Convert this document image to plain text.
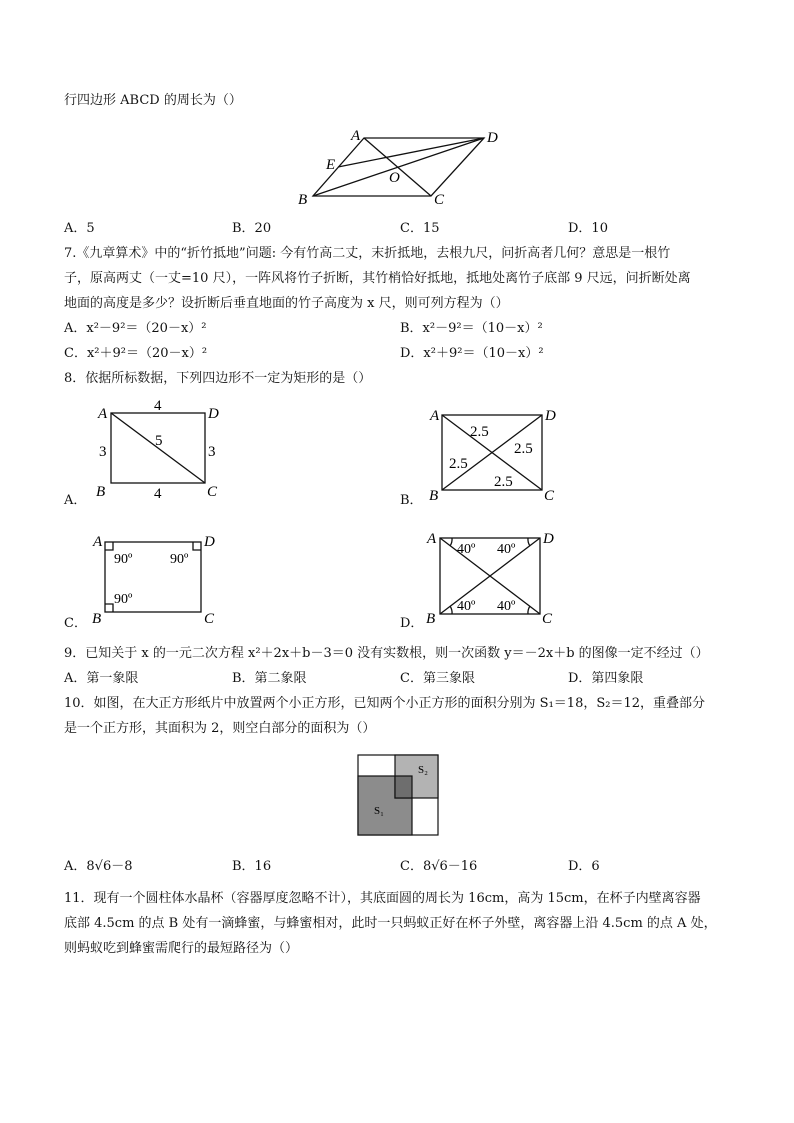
行四边形 ABCD 的周长为（）
A	D
E
O
B	C
A．5	B．20	C．15	D．10
7.《九章算术》中的“折竹抵地”问题: 今有竹高二丈，末折抵地，去根九尺，问折高者几何？意思是一根竹
子，原高两丈（一丈=10 尺），一阵风将竹子折断，其竹梢恰好抵地，抵地处离竹子底部 9 尺远，问折断处离
地面的高度是多少？设折断后垂直地面的竹子高度为 x 尺，则可列方程为（）
A．x²－9²＝（20－x）²	B．x²－9²＝（10－x）²
C．x²＋9²＝（20－x）²	D．x²＋9²＝（10－x）²
8．依据所标数据，下列四边形不一定为矩形的是（）
A	D
B	C
4
3
5
3
4
A	D
B	C
2.5
2.5
2.5
2.5
A	D
B	C
90º	90º
90º
A	D
B	C
40º 40º
40º 40º
A．	B．
C．	D．
9．已知关于 x 的一元二次方程 x²＋2x＋b－3＝0 没有实数根，则一次函数 y＝－2x＋b 的图像一定不经过（）
A．第一象限	B．第二象限	C．第三象限	D．第四象限
10．如图，在大正方形纸片中放置两个小正方形，已知两个小正方形的面积分别为 S₁＝18，S₂＝12，重叠部分
是一个正方形，其面积为 2，则空白部分的面积为（）
S₂
S₁
A．8√6－8	B．16	C．8√6－16	D．6
11．现有一个圆柱体水晶杯（容器厚度忽略不计），其底面圆的周长为 16cm，高为 15cm，在杯子内壁离容器
底部 4.5cm 的点 B 处有一滴蜂蜜，与蜂蜜相对，此时一只蚂蚁正好在杯子外壁，离容器上沿 4.5cm 的点 A 处，
则蚂蚁吃到蜂蜜需爬行的最短路径为（）
